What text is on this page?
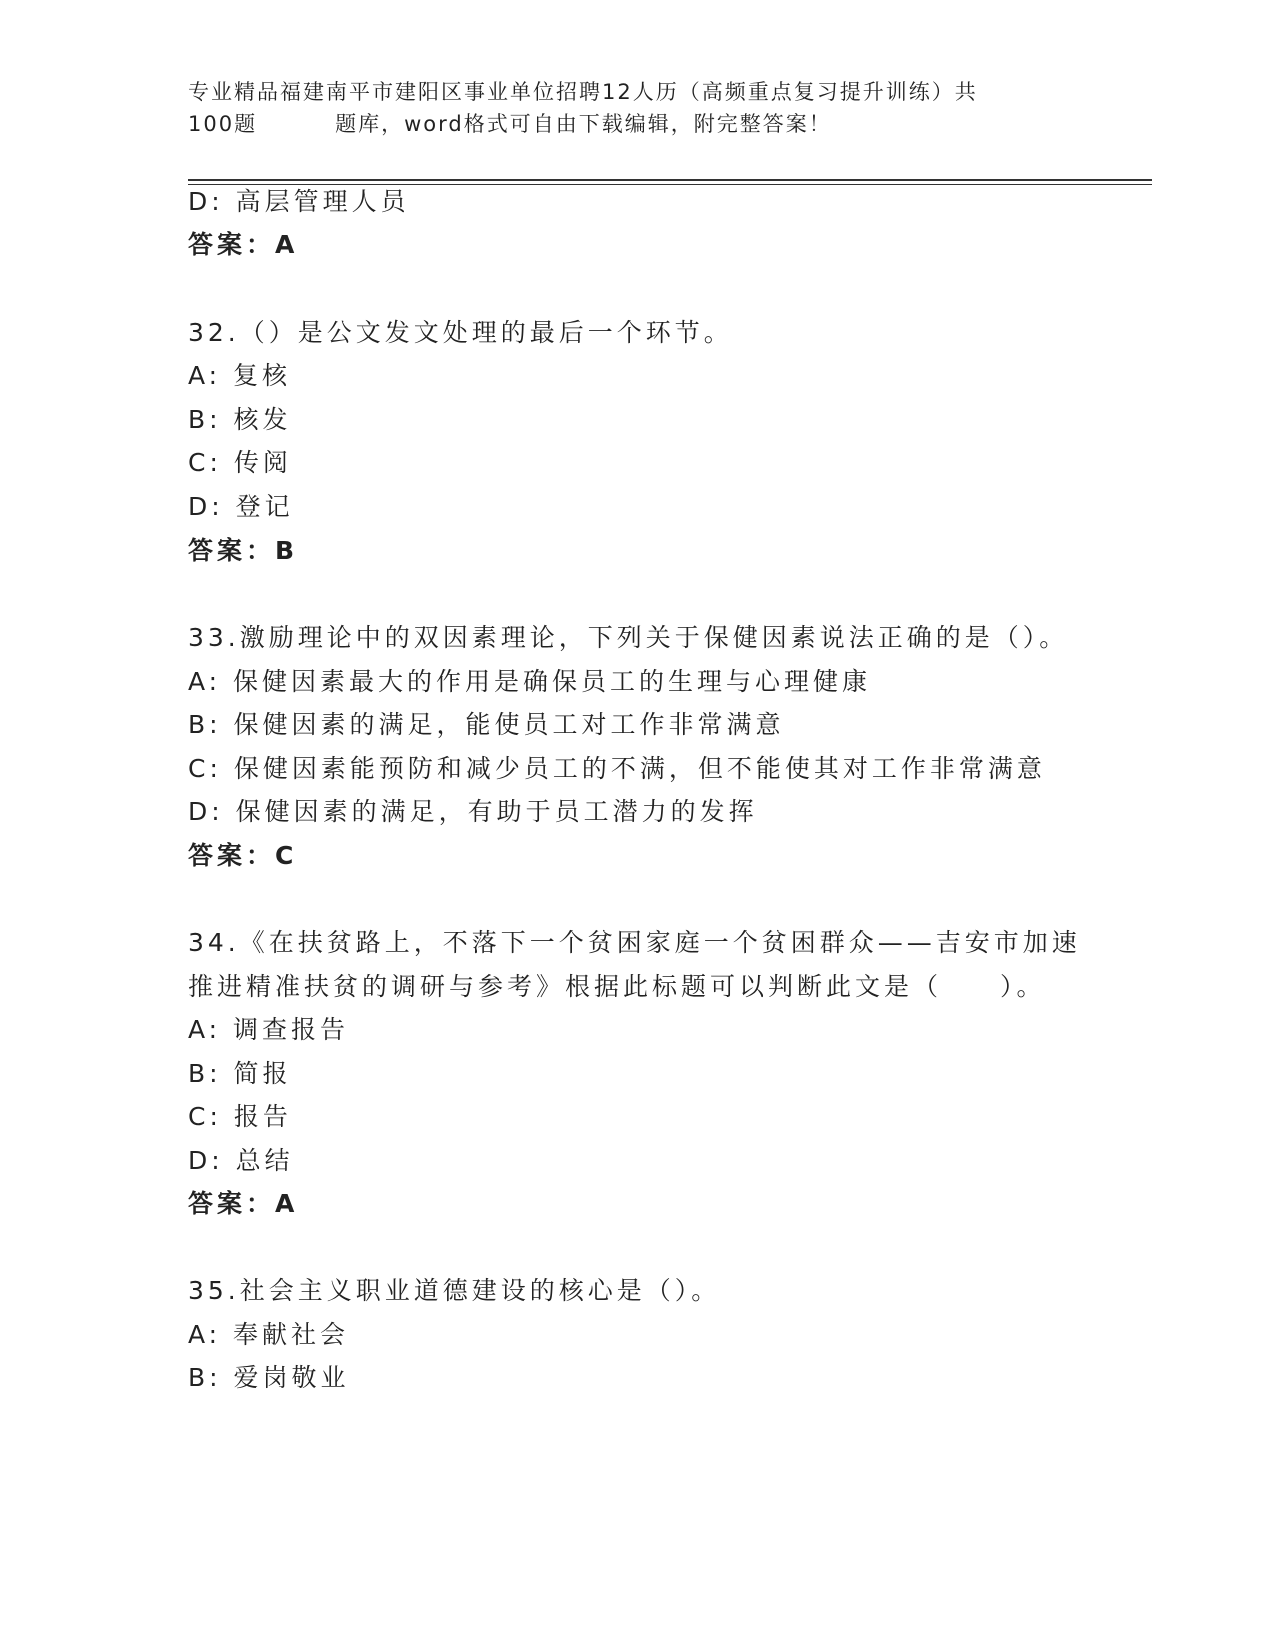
专业精品福建南平市建阳区事业单位招聘12人历（高频重点复习提升训练）共
100题	题库，word格式可自由下载编辑，附完整答案！
D: 高层管理人员
答案：A
32.（）是公文发文处理的最后一个环节。
A: 复核
B: 核发
C: 传阅
D: 登记
答案：B
33.激励理论中的双因素理论，下列关于保健因素说法正确的是（）。
A: 保健因素最大的作用是确保员工的生理与心理健康
B: 保健因素的满足，能使员工对工作非常满意
C: 保健因素能预防和减少员工的不满，但不能使其对工作非常满意
D: 保健因素的满足，有助于员工潜力的发挥
答案：C
34.《在扶贫路上，不落下一个贫困家庭一个贫困群众——吉安市加速
推进精准扶贫的调研与参考》根据此标题可以判断此文是（　　）。
A: 调查报告
B: 简报
C: 报告
D: 总结
答案：A
35.社会主义职业道德建设的核心是（）。
A: 奉献社会
B: 爱岗敬业
